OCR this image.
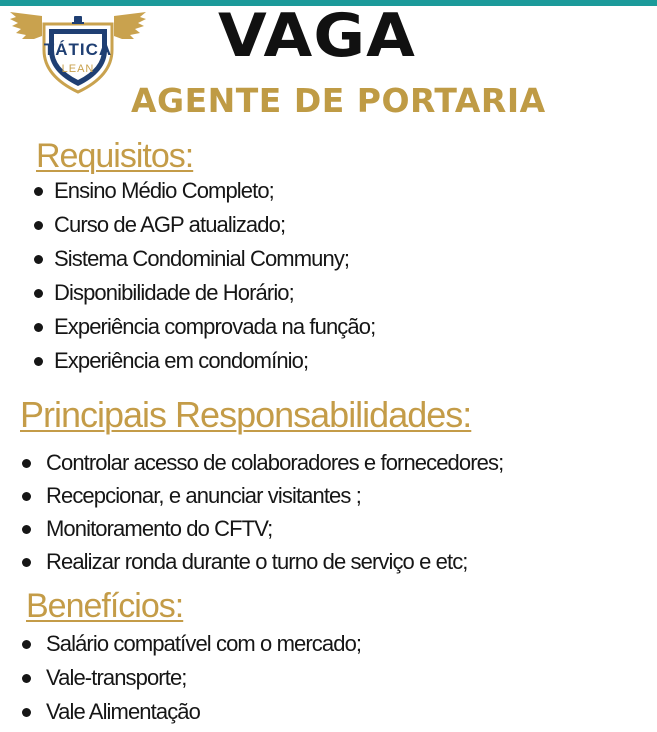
TÁTICA
LEAN VAGA
AGENTE DE PORTARIA
Requisitos:
Ensino Médio Completo;
Curso de AGP atualizado;
Sistema Condominial Communy;
Disponibilidade de Horário;
Experiência comprovada na função;
Experiência em condomínio;
Principais Responsabilidades:
Controlar acesso de colaboradores e fornecedores;
Recepcionar, e anunciar visitantes ;
Monitoramento do CFTV;
Realizar ronda durante o turno de serviço e etc;
Benefícios:
Salário compatível com o mercado;
Vale-transporte;
Vale Alimentação
